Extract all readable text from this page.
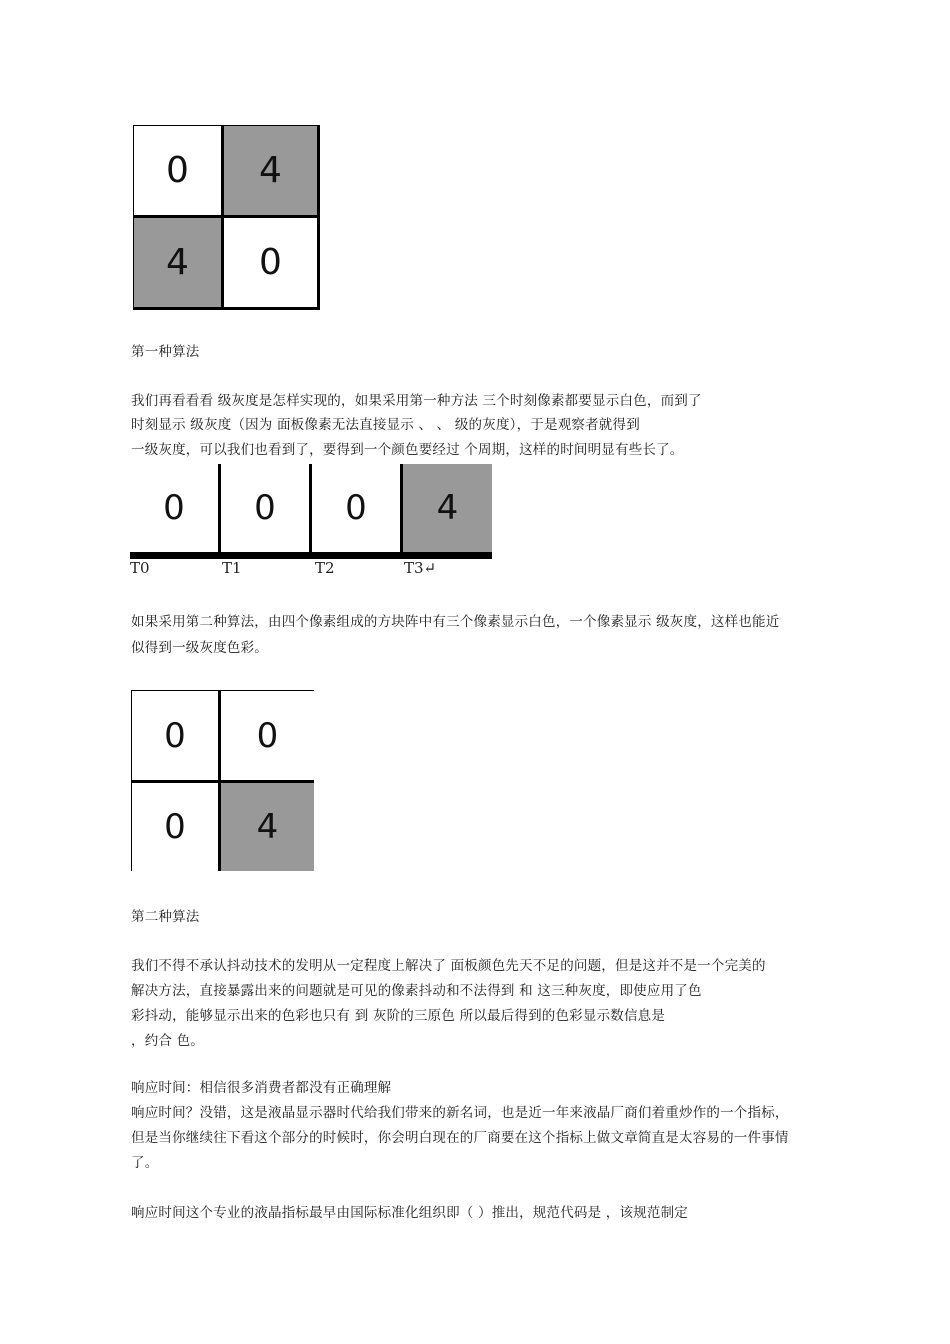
0 4
4 0
第一种算法
我们再看看看 级灰度是怎样实现的，如果采用第一种方法 三个时刻像素都要显示白色，而到了
时刻显示 级灰度（因为 面板像素无法直接显示 、 、 级的灰度），于是观察者就得到
一级灰度，可以我们也看到了，要得到一个颜色要经过 个周期，这样的时间明显有些长了。
0 0 0 4
T0	T1	T2	T3↵
如果采用第二种算法，由四个像素组成的方块阵中有三个像素显示白色，一个像素显示 级灰度，这样也能近
似得到一级灰度色彩。
0 0
0 4
第二种算法
我们不得不承认抖动技术的发明从一定程度上解决了 面板颜色先天不足的问题，但是这并不是一个完美的
解决方法，直接暴露出来的问题就是可见的像素抖动和不法得到 和 这三种灰度，即使应用了色
彩抖动，能够显示出来的色彩也只有 到 灰阶的三原色 所以最后得到的色彩显示数信息是
，约合 色。
响应时间：相信很多消费者都没有正确理解
响应时间？没错，这是液晶显示器时代给我们带来的新名词，也是近一年来液晶厂商们着重炒作的一个指标，
但是当你继续往下看这个部分的时候时，你会明白现在的厂商要在这个指标上做文章简直是太容易的一件事情
了。
响应时间这个专业的液晶指标最早由国际标准化组织即（ ）推出，规范代码是 ，该规范制定
